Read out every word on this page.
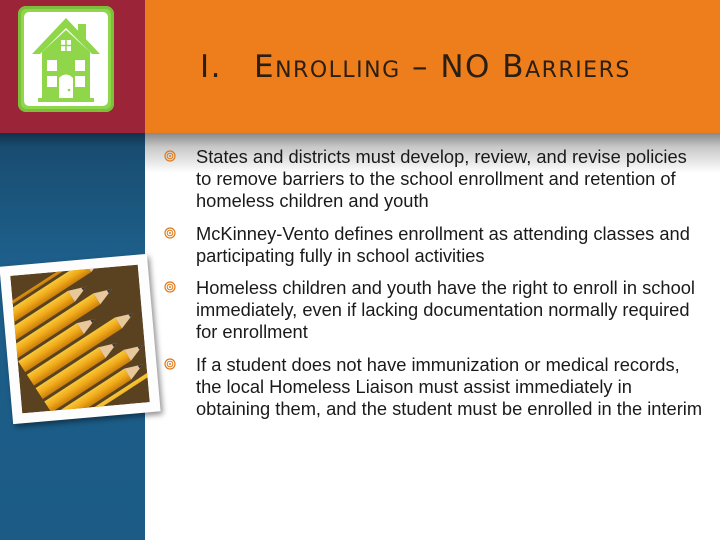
I. Enrolling – NO Barriers
States and districts must develop, review, and revise policies to remove barriers to the school enrollment and retention of homeless children and youth
McKinney-Vento defines enrollment as attending classes and participating fully in school activities
Homeless children and youth have the right to enroll in school immediately, even if lacking documentation normally required for enrollment
If a student does not have immunization or medical records, the local Homeless Liaison must assist immediately in obtaining them, and the student must be enrolled in the interim
